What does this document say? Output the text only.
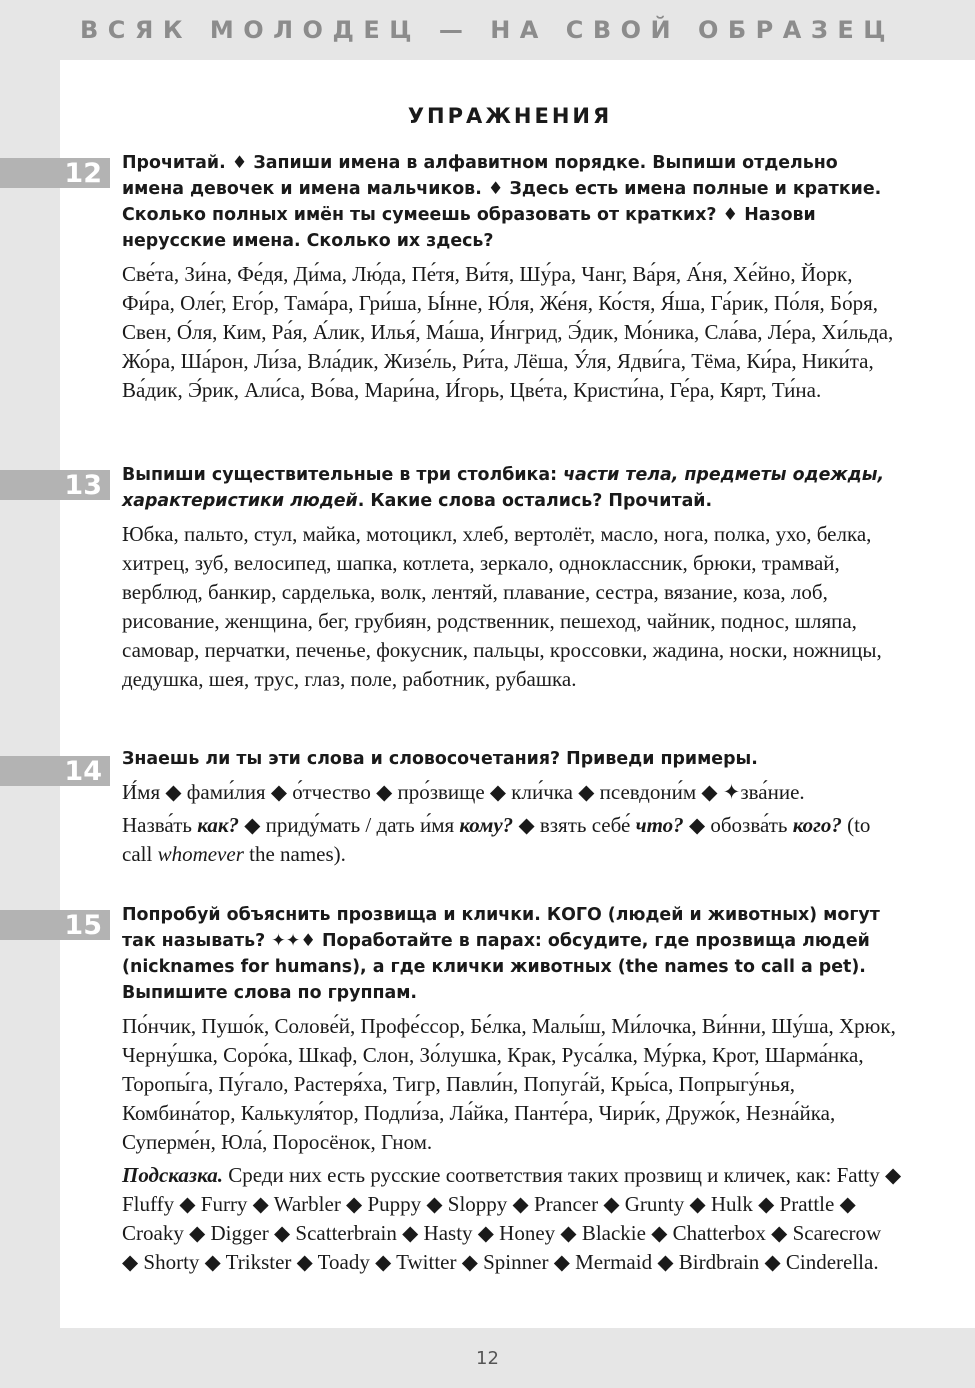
ВСЯК МОЛОДЕЦ — НА СВОЙ ОБРАЗЕЦ
УПРАЖНЕНИЯ
12	Прочитай. ♦ Запиши имена в алфавитном порядке. Выпиши отдельно имена девочек и имена мальчиков. ♦ Здесь есть имена полные и краткие. Сколько полных имён ты сумеешь образовать от кратких? ♦ Назови нерусские имена. Сколько их здесь?

Све́та, Зи́на, Фе́дя, Ди́ма, Лю́да, Пе́тя, Ви́тя, Шу́ра, Чанг, Ва́ря, А́ня, Хе́йно, Йорк, Фи́ра, Оле́г, Его́р, Тама́ра, Гри́ша, Ы́нне, Ю́ля, Же́ня, Ко́стя, Я́ша, Га́рик, По́ля, Бо́ря, Свен, О́ля, Ким, Ра́я, А́лик, Илья́, Ма́ша, И́нгрид, Э́дик, Мо́ника, Сла́ва, Ле́ра, Хи́льда, Жо́ра, Ша́рон, Ли́за, Вла́дик, Жизе́ль, Ри́та, Лёша, У́ля, Ядви́га, Тёма, Ки́ра, Ники́та, Ва́дик, Э́рик, Али́са, Во́ва, Мари́на, И́горь, Цве́та, Кристи́на, Ге́ра, Кярт, Ти́на.

13	Выпиши существительные в три столбика: части тела, предметы одежды, характеристики людей. Какие слова остались? Прочитай.

Юбка, пальто, стул, майка, мотоцикл, хлеб, вертолёт, масло, нога, полка, ухо, белка, хитрец, зуб, велосипед, шапка, котлета, зеркало, одноклассник, брюки, трамвай, верблюд, банкир, сарделька, волк, лентяй, плавание, сестра, вязание, коза, лоб, рисование, женщина, бег, грубиян, родственник, пешеход, чайник, поднос, шляпа, самовар, перчатки, печенье, фокусник, пальцы, кроссовки, жадина, носки, ножницы, дедушка, шея, трус, глаз, поле, работник, рубашка.

14	Знаешь ли ты эти слова и словосочетания? Приведи примеры.

И́мя ◆ фами́лия ◆ о́тчество ◆ про́звище ◆ кли́чка ◆ псевдони́м ◆ ✦зва́ние.

Назва́ть как? ◆ приду́мать / дать и́мя кому? ◆ взять себе́ что? ◆ обозва́ть кого? (to call whomever the names).

15	Попробуй объяснить прозвища и клички. КОГО (людей и животных) могут так называть? ✦✦♦ Поработайте в парах: обсудите, где прозвища людей (nicknames for humans), а где клички животных (the names to call a pet). Выпишите слова по группам.

По́нчик, Пушо́к, Солове́й, Профе́ссор, Бе́лка, Малы́ш, Ми́лочка, Ви́нни, Шу́ша, Хрюк, Черну́шка, Соро́ка, Шкаф, Слон, Зо́лушка, Крак, Руса́лка, Му́рка, Крот, Шарма́нка, Торопы́га, Пу́гало, Растеря́ха, Тигр, Павли́н, Попуга́й, Кры́са, Попрыгу́нья, Комбина́тор, Калькуля́тор, Подли́за, Ла́йка, Панте́ра, Чири́к, Дружо́к, Незна́йка, Суперме́н, Юла́, Поросёнок, Гном.

Подсказка. Среди них есть русские соответствия таких прозвищ и кличек, как: Fatty ◆ Fluffy ◆ Furry ◆ Warbler ◆ Puppy ◆ Sloppy ◆ Prancer ◆ Grunty ◆ Hulk ◆ Prattle ◆ Croaky ◆ Digger ◆ Scatterbrain ◆ Hasty ◆ Honey ◆ Blackie ◆ Chatterbox ◆ Scarecrow ◆ Shorty ◆ Trikster ◆ Toady ◆ Twitter ◆ Spinner ◆ Mermaid ◆ Birdbrain ◆ Cinderella.

12
